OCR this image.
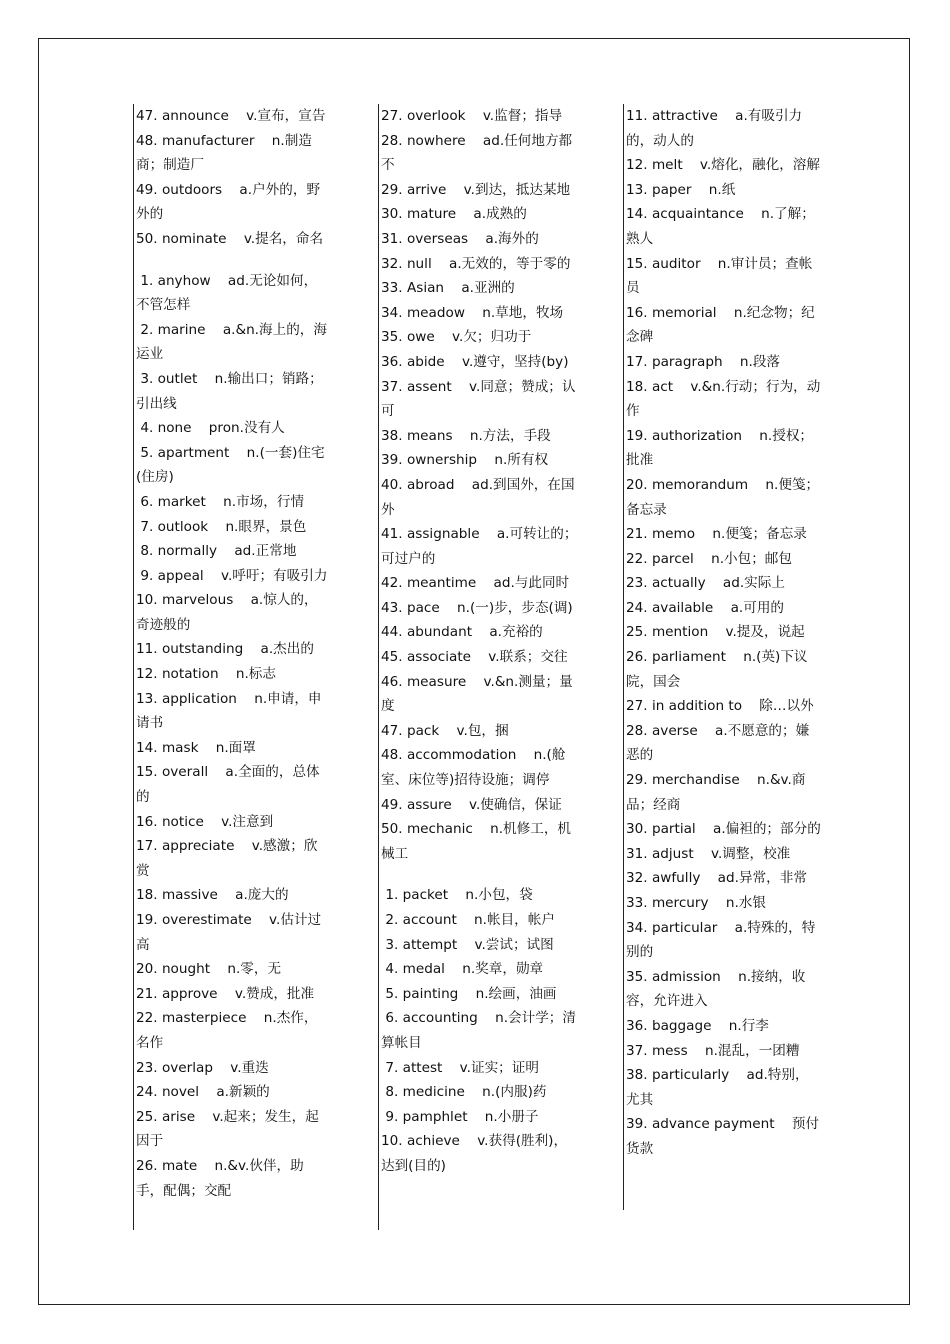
47. announce    v.宣布，宣告
48. manufacturer    n.制造商；制造厂
49. outdoors    a.户外的，野外的
50. nominate    v.提名，命名
1. anyhow    ad.无论如何，不管怎样
2. marine    a.&n.海上的，海运业
3. outlet    n.输出口；销路；引出线
4. none    pron.没有人
5. apartment    n.(一套)住宅(住房)
6. market    n.市场，行情
7. outlook    n.眼界，景色
8. normally    ad.正常地
9. appeal    v.呼吁；有吸引力
10. marvelous    a.惊人的，奇迹般的
11. outstanding    a.杰出的
12. notation    n.标志
13. application    n.申请，申请书
14. mask    n.面罩
15. overall    a.全面的，总体的
16. notice    v.注意到
17. appreciate    v.感激；欣赏
18. massive    a.庞大的
19. overestimate    v.估计过高
20. nought    n.零，无
21. approve    v.赞成，批准
22. masterpiece    n.杰作，名作
23. overlap    v.重迭
24. novel    a.新颖的
25. arise    v.起来；发生，起因于
26. mate    n.&v.伙伴，助手，配偶；交配
27. overlook    v.监督；指导
28. nowhere    ad.任何地方都不
29. arrive    v.到达，抵达某地
30. mature    a.成熟的
31. overseas    a.海外的
32. null    a.无效的，等于零的
33. Asian    a.亚洲的
34. meadow    n.草地，牧场
35. owe    v.欠；归功于
36. abide    v.遵守，坚持(by)
37. assent    v.同意；赞成；认可
38. means    n.方法，手段
39. ownership    n.所有权
40. abroad    ad.到国外，在国外
41. assignable    a.可转让的；可过户的
42. meantime    ad.与此同时
43. pace    n.(一)步，步态(调)
44. abundant    a.充裕的
45. associate    v.联系；交往
46. measure    v.&n.测量；量度
47. pack    v.包，捆
48. accommodation    n.(舱室、床位等)招待设施；调停
49. assure    v.使确信，保证
50. mechanic    n.机修工，机械工
1. packet    n.小包，袋
2. account    n.帐目，帐户
3. attempt    v.尝试；试图
4. medal    n.奖章，勋章
5. painting    n.绘画，油画
6. accounting    n.会计学；清算帐目
7. attest    v.证实；证明
8. medicine    n.(内服)药
9. pamphlet    n.小册子
10. achieve    v.获得(胜利)，达到(目的)
11. attractive    a.有吸引力的，动人的
12. melt    v.熔化，融化，溶解
13. paper    n.纸
14. acquaintance    n.了解；熟人
15. auditor    n.审计员；查帐员
16. memorial    n.纪念物；纪念碑
17. paragraph    n.段落
18. act    v.&n.行动；行为，动作
19. authorization    n.授权；批准
20. memorandum    n.便笺；备忘录
21. memo    n.便笺；备忘录
22. parcel    n.小包；邮包
23. actually    ad.实际上
24. available    a.可用的
25. mention    v.提及，说起
26. parliament    n.(英)下议院，国会
27. in addition to    除…以外
28. averse    a.不愿意的；嫌恶的
29. merchandise    n.&v.商品；经商
30. partial    a.偏袒的；部分的
31. adjust    v.调整，校准
32. awfully    ad.异常，非常
33. mercury    n.水银
34. particular    a.特殊的，特别的
35. admission    n.接纳，收容，允许进入
36. baggage    n.行李
37. mess    n.混乱，一团糟
38. particularly    ad.特别，尤其
39. advance payment    预付货款
